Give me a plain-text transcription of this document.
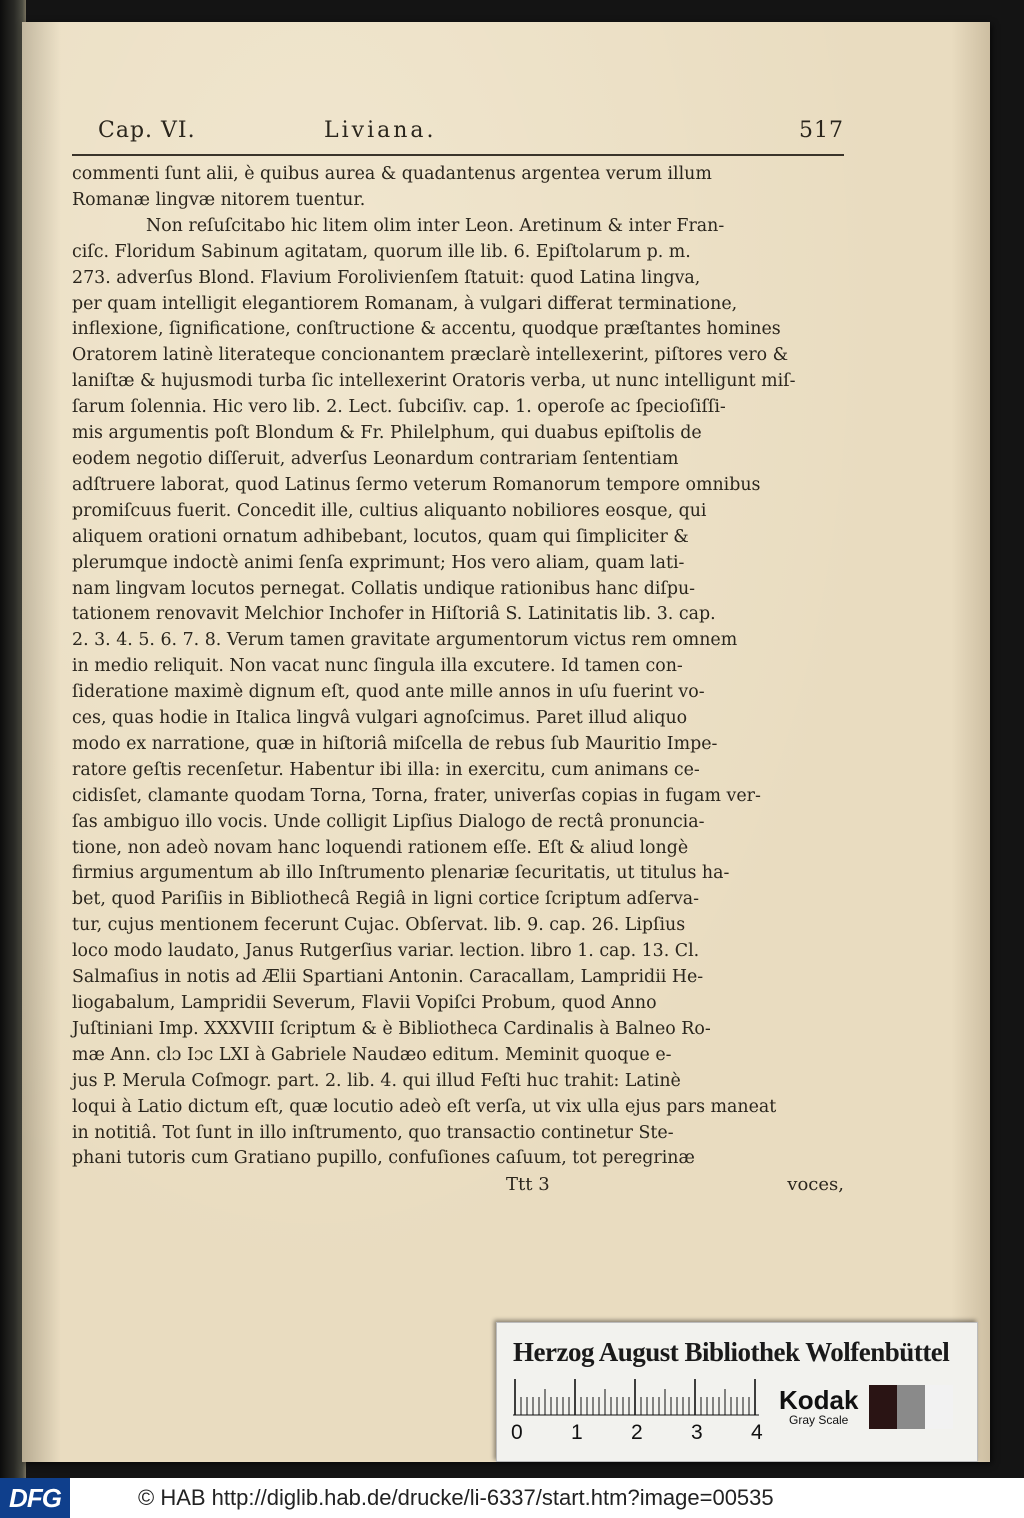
Cap. VI.	Liviana.	517
commenti ſunt alii, è quibus aurea & quadantenus argentea verum illum
Romanæ lingvæ nitorem tuentur.
Non reſuſcitabo hic litem olim inter Leon. Aretinum & inter Fran-
ciſc. Floridum Sabinum agitatam, quorum ille lib. 6. Epiſtolarum p. m.
273. adverſus Blond. Flavium Forolivienſem ſtatuit: quod Latina lingva,
per quam intelligit elegantiorem Romanam, à vulgari differat terminatione,
inflexione, ſignificatione, conſtructione & accentu, quodque præſtantes homines
Oratorem latinè literateque concionantem præclarè intellexerint, piſtores vero &
laniſtæ & hujusmodi turba ſic intellexerint Oratoris verba, ut nunc intelligunt miſ-
ſarum ſolennia. Hic vero lib. 2. Lect. ſubciſiv. cap. 1. operoſe ac ſpecioſiſſi-
mis argumentis poſt Blondum & Fr. Philelphum, qui duabus epiſtolis de
eodem negotio diſſeruit, adverſus Leonardum contrariam ſententiam
adſtruere laborat, quod Latinus ſermo veterum Romanorum tempore omnibus
promiſcuus fuerit. Concedit ille, cultius aliquanto nobiliores eosque, qui
aliquem orationi ornatum adhibebant, locutos, quam qui ſimpliciter &
plerumque indoctè animi ſenſa exprimunt; Hos vero aliam, quam lati-
nam lingvam locutos pernegat. Collatis undique rationibus hanc diſpu-
tationem renovavit Melchior Inchofer in Hiſtoriâ S. Latinitatis lib. 3. cap.
2. 3. 4. 5. 6. 7. 8. Verum tamen gravitate argumentorum victus rem omnem
in medio reliquit. Non vacat nunc ſingula illa excutere. Id tamen con-
ſideratione maximè dignum eſt, quod ante mille annos in uſu fuerint vo-
ces, quas hodie in Italica lingvâ vulgari agnoſcimus. Paret illud aliquo
modo ex narratione, quæ in hiſtoriâ miſcella de rebus ſub Mauritio Impe-
ratore geſtis recenſetur. Habentur ibi illa: in exercitu, cum animans ce-
cidisſet, clamante quodam Torna, Torna, frater, univerſas copias in fugam ver-
ſas ambiguo illo vocis. Unde colligit Lipſius Dialogo de rectâ pronuncia-
tione, non adeò novam hanc loquendi rationem eſſe. Eſt & aliud longè
firmius argumentum ab illo Inſtrumento plenariæ ſecuritatis, ut titulus ha-
bet, quod Pariſiis in Bibliothecâ Regiâ in ligni cortice ſcriptum adſerva-
tur, cujus mentionem fecerunt Cujac. Obſervat. lib. 9. cap. 26. Lipſius
loco modo laudato, Janus Rutgerſius variar. lection. libro 1. cap. 13. Cl.
Salmaſius in notis ad Ælii Spartiani Antonin. Caracallam, Lampridii He-
liogabalum, Lampridii Severum, Flavii Vopiſci Probum, quod Anno
Juſtiniani Imp. XXXVIII ſcriptum & è Bibliotheca Cardinalis à Balneo Ro-
mæ Ann. clɔ Iɔc LXI à Gabriele Naudæo editum. Meminit quoque e-
jus P. Merula Coſmogr. part. 2. lib. 4. qui illud Feſti huc trahit: Latinè
loqui à Latio dictum eſt, quæ locutio adeò eſt verſa, ut vix ulla ejus pars maneat
in notitiâ. Tot ſunt in illo inſtrumento, quo transactio continetur Ste-
phani tutoris cum Gratiano pupillo, confuſiones caſuum, tot peregrinæ
Ttt 3	voces,
Herzog August Bibliothek Wolfenbüttel
0 1 2 3 4
Kodak
Gray Scale
DFG	© HAB http://diglib.hab.de/drucke/li-6337/start.htm?image=00535
